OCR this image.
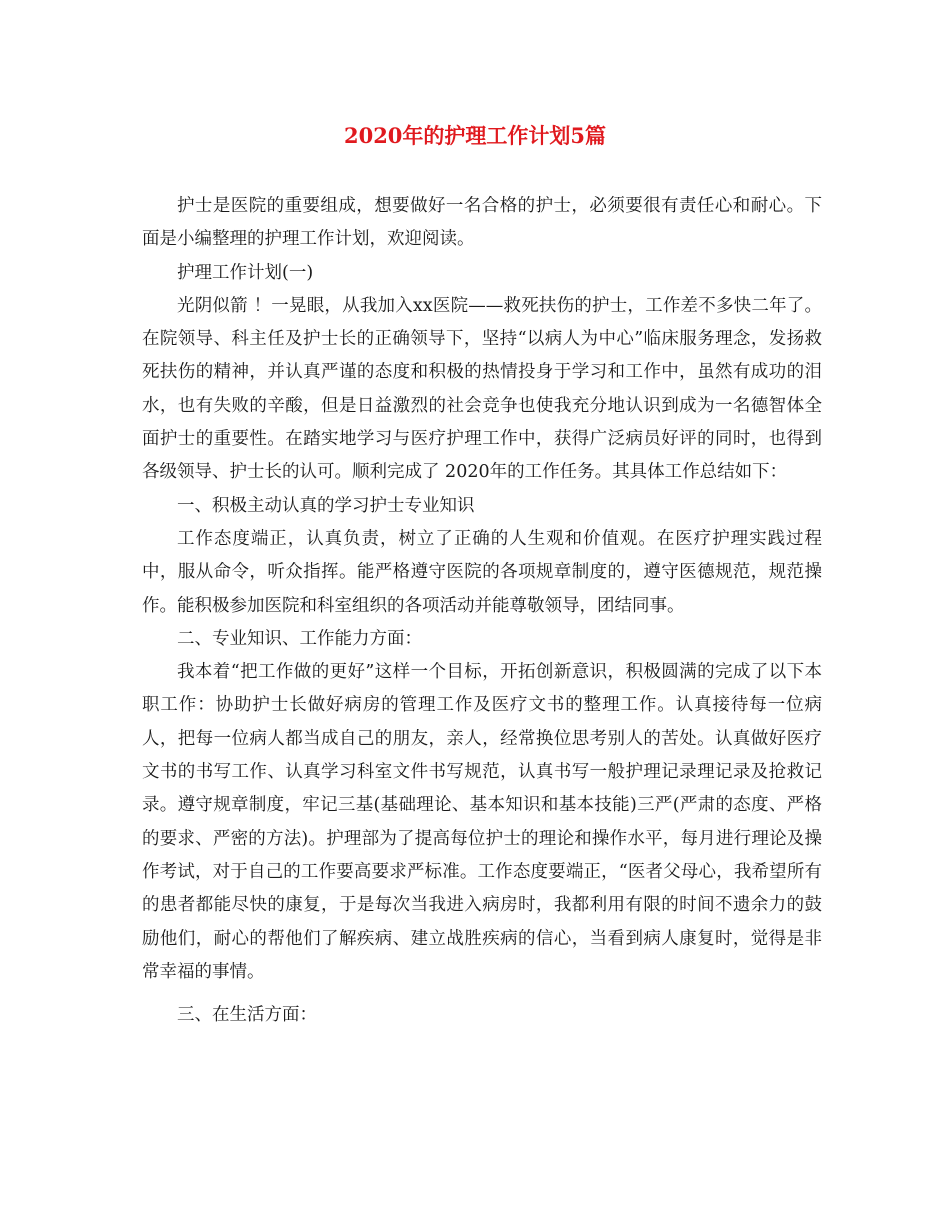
2020年的护理工作计划5篇

护士是医院的重要组成，想要做好一名合格的护士，必须要很有责任心和耐心。下面是小编整理的护理工作计划，欢迎阅读。

护理工作计划(一)

光阴似箭 ！一晃眼，从我加入xx医院——救死扶伤的护士，工作差不多快二年了。在院领导、科主任及护士长的正确领导下，坚持“以病人为中心”临床服务理念，发扬救死扶伤的精神，并认真严谨的态度和积极的热情投身于学习和工作中，虽然有成功的泪水，也有失败的辛酸，但是日益激烈的社会竞争也使我充分地认识到成为一名德智体全面护士的重要性。在踏实地学习与医疗护理工作中，获得广泛病员好评的同时，也得到各级领导、护士长的认可。顺利完成了 2020年的工作任务。其具体工作总结如下：

一、积极主动认真的学习护士专业知识

工作态度端正，认真负责，树立了正确的人生观和价值观。在医疗护理实践过程中，服从命令，听众指挥。能严格遵守医院的各项规章制度的，遵守医德规范，规范操作。能积极参加医院和科室组织的各项活动并能尊敬领导，团结同事。

二、专业知识、工作能力方面：

我本着“把工作做的更好”这样一个目标，开拓创新意识，积极圆满的完成了以下本职工作：协助护士长做好病房的管理工作及医疗文书的整理工作。认真接待每一位病人，把每一位病人都当成自己的朋友，亲人，经常换位思考别人的苦处。认真做好医疗文书的书写工作、认真学习科室文件书写规范，认真书写一般护理记录理记录及抢救记录。遵守规章制度，牢记三基(基础理论、基本知识和基本技能)三严(严肃的态度、严格的要求、严密的方法)。护理部为了提高每位护士的理论和操作水平，每月进行理论及操作考试，对于自己的工作要高要求严标准。工作态度要端正，“医者父母心，我希望所有的患者都能尽快的康复，于是每次当我进入病房时，我都利用有限的时间不遗余力的鼓励他们，耐心的帮他们了解疾病、建立战胜疾病的信心，当看到病人康复时，觉得是非常幸福的事情。

三、在生活方面：
